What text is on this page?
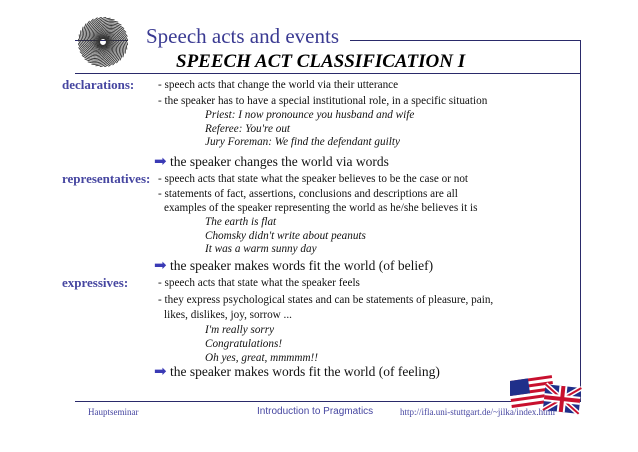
Speech acts and events
SPEECH ACT CLASSIFICATION I
declarations: - speech acts that change the world via their utterance
- the speaker has to have a special institutional role, in a specific situation
Priest: I now pronounce you husband and wife
Referee: You're out
Jury Foreman: We find the defendant guilty
➡ the speaker changes the world via words
representatives: - speech acts that state what the speaker believes to be the case or not
- statements of fact, assertions, conclusions and descriptions are all
examples of the speaker representing the world as he/she believes it is
The earth is flat
Chomsky didn't write about peanuts
It was a warm sunny day
➡ the speaker makes words fit the world (of belief)
expressives:	- speech acts that state what the speaker feels
- they express psychological states and can be statements of pleasure, pain,
likes, dislikes, joy, sorrow ...
I'm really sorry
Congratulations!
Oh yes, great, mmmmm!!
➡ the speaker makes words fit the world (of feeling)
Hauptseminar	Introduction to Pragmatics	http://ifla.uni-stuttgart.de/~jilka/index.html
